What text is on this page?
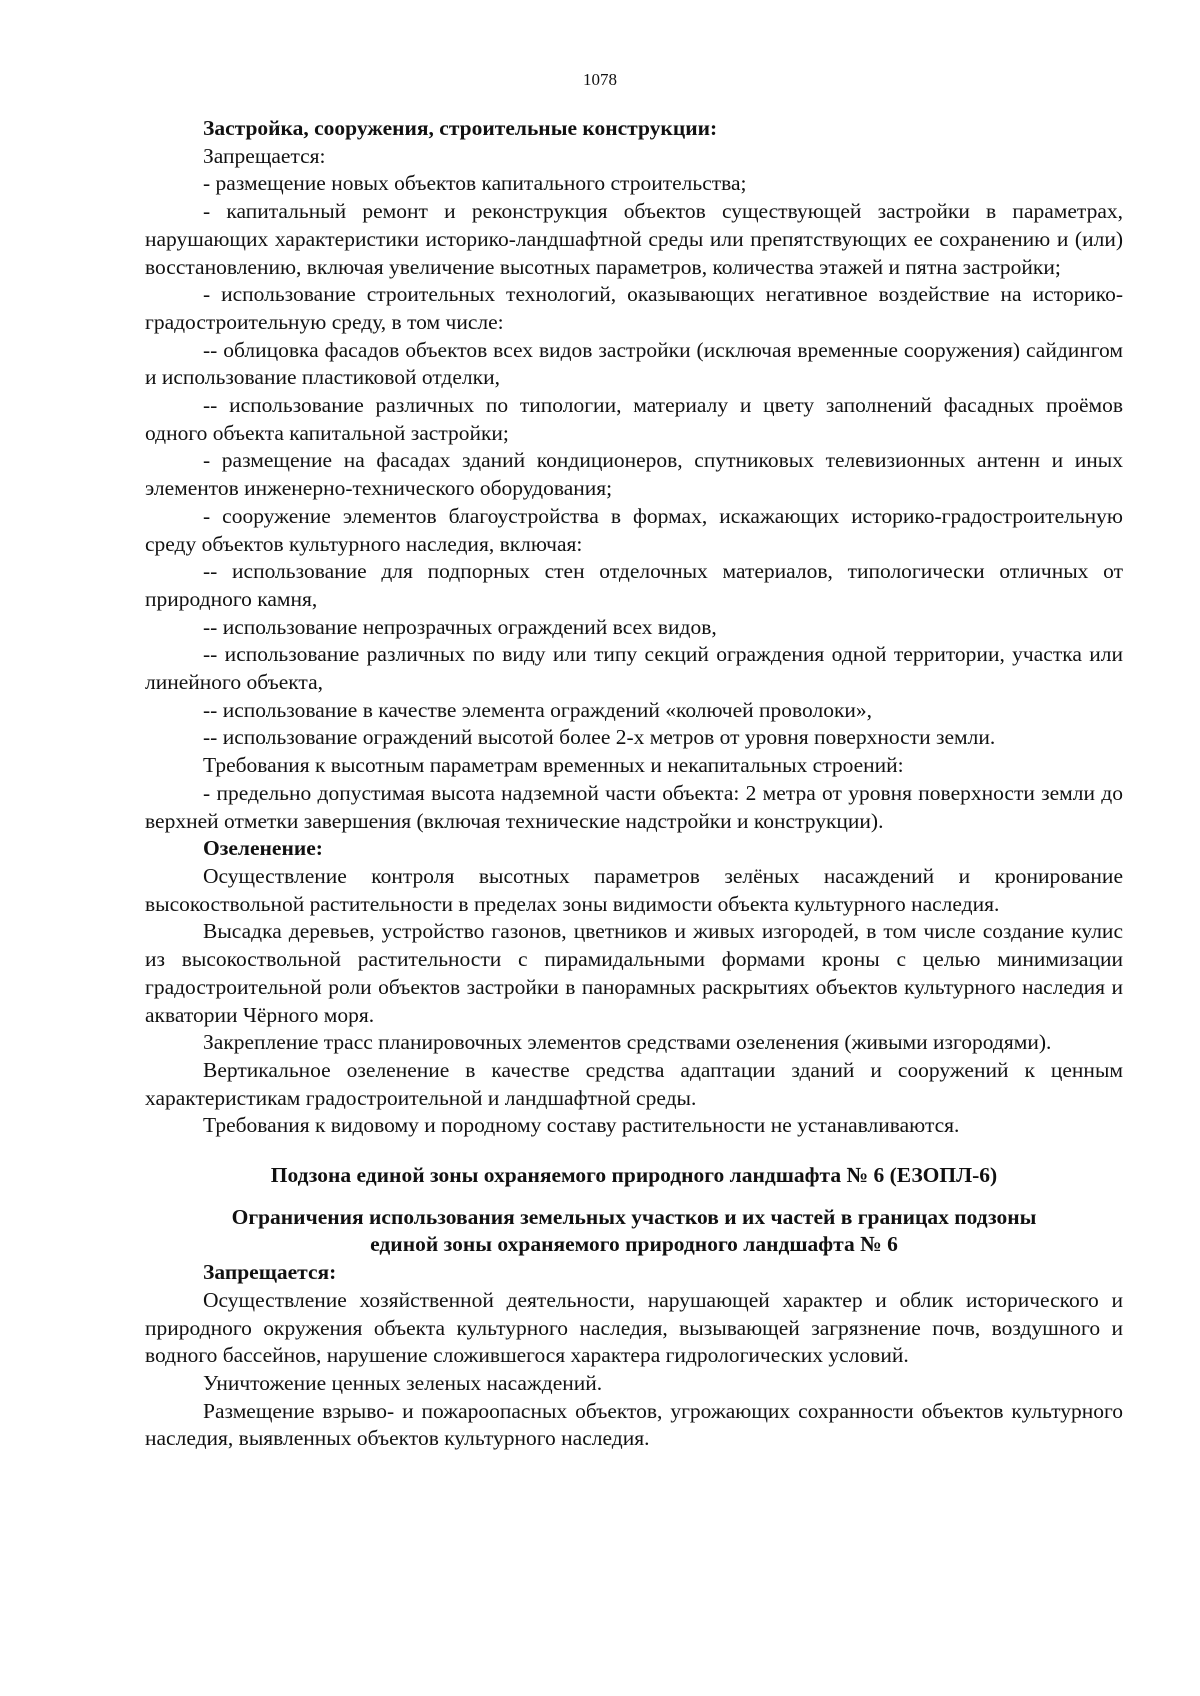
1078

Застройка, сооружения, строительные конструкции:

Запрещается:

- размещение новых объектов капитального строительства;

- капитальный ремонт и реконструкция объектов существующей застройки в параметрах, нарушающих характеристики историко-ландшафтной среды или препятствующих ее сохранению и (или) восстановлению, включая увеличение высотных параметров, количества этажей и пятна застройки;

- использование строительных технологий, оказывающих негативное воздействие на историко-градостроительную среду, в том числе:

-- облицовка фасадов объектов всех видов застройки (исключая временные сооружения) сайдингом и использование пластиковой отделки,

-- использование различных по типологии, материалу и цвету заполнений фасадных проёмов одного объекта капитальной застройки;

- размещение на фасадах зданий кондиционеров, спутниковых телевизионных антенн и иных элементов инженерно-технического оборудования;

- сооружение элементов благоустройства в формах, искажающих историко-градостроительную среду объектов культурного наследия, включая:

-- использование для подпорных стен отделочных материалов, типологически отличных от природного камня,

-- использование непрозрачных ограждений всех видов,

-- использование различных по виду или типу секций ограждения одной территории, участка или линейного объекта,

-- использование в качестве элемента ограждений «колючей проволоки»,

-- использование ограждений высотой более 2-х метров от уровня поверхности земли.

Требования к высотным параметрам временных и некапитальных строений:

- предельно допустимая высота надземной части объекта: 2 метра от уровня поверхности земли до верхней отметки завершения (включая технические надстройки и конструкции).

Озеленение:

Осуществление контроля высотных параметров зелёных насаждений и кронирование высокоствольной растительности в пределах зоны видимости объекта культурного наследия.

Высадка деревьев, устройство газонов, цветников и живых изгородей, в том числе создание кулис из высокоствольной растительности с пирамидальными формами кроны с целью минимизации градостроительной роли объектов застройки в панорамных раскрытиях объектов культурного наследия и акватории Чёрного моря.

Закрепление трасс планировочных элементов средствами озеленения (живыми изгородями).

Вертикальное озеленение в качестве средства адаптации зданий и сооружений к ценным характеристикам градостроительной и ландшафтной среды.

Требования к видовому и породному составу растительности не устанавливаются.

Подзона единой зоны охраняемого природного ландшафта № 6 (ЕЗОПЛ-6)

Ограничения использования земельных участков и их частей в границах подзоны

единой зоны охраняемого природного ландшафта № 6

Запрещается:

Осуществление хозяйственной деятельности, нарушающей характер и облик исторического и природного окружения объекта культурного наследия, вызывающей загрязнение почв, воздушного и водного бассейнов, нарушение сложившегося характера гидрологических условий.

Уничтожение ценных зеленых насаждений.

Размещение взрыво- и пожароопасных объектов, угрожающих сохранности объектов культурного наследия, выявленных объектов культурного наследия.
